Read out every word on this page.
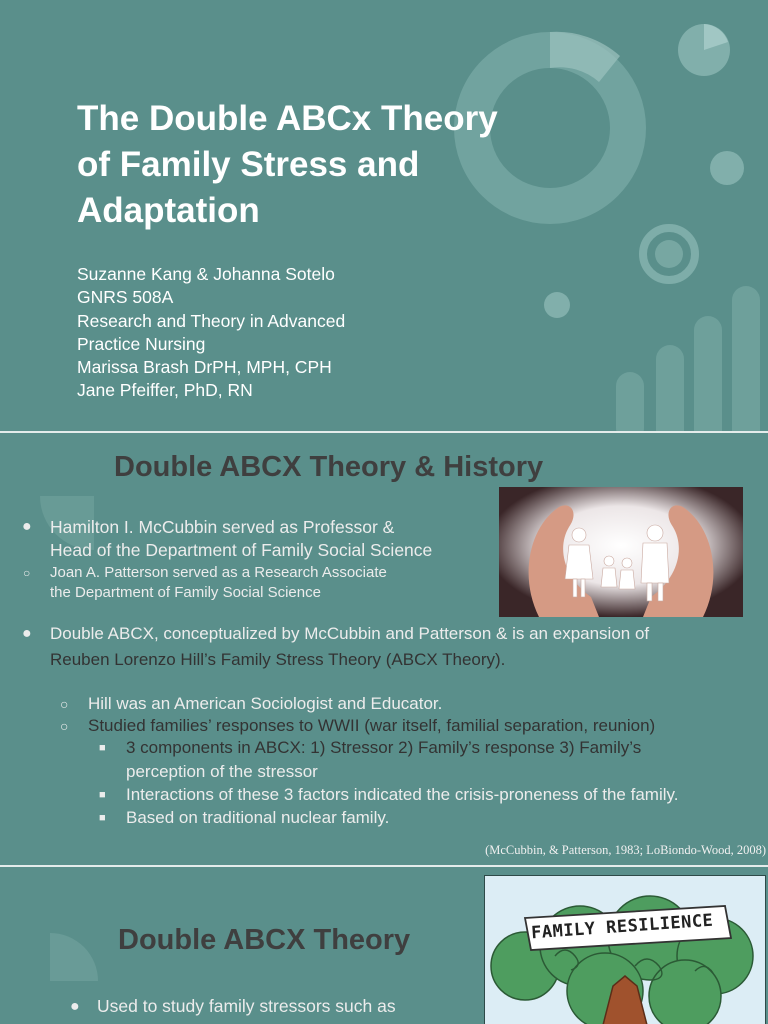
The Double ABCx Theory
of Family Stress and
Adaptation
Suzanne Kang & Johanna Sotelo
GNRS 508A
Research and Theory in Advanced
Practice Nursing
Marissa Brash DrPH, MPH, CPH
Jane Pfeiffer, PhD, RN
Double ABCX Theory & History
● Hamilton I. McCubbin served as Professor &
Head of the Department of Family Social Science
○ Joan A. Patterson served as a Research Associate
the Department of Family Social Science
● Double ABCX, conceptualized by McCubbin and Patterson & is an expansion of
Reuben Lorenzo Hill’s Family Stress Theory (ABCX Theory).
○ Hill was an American Sociologist and Educator.
○ Studied families’ responses to WWII (war itself, familial separation, reunion)
■ 3 components in ABCX: 1) Stressor 2) Family’s response 3) Family’s
perception of the stressor
■ Interactions of these 3 factors indicated the crisis-proneness of the family.
■ Based on traditional nuclear family.
(McCubbin, & Patterson, 1983; LoBiondo-Wood, 2008)
Double ABCX Theory
● Used to study family stressors such as
FAMILY RESILIENCE
